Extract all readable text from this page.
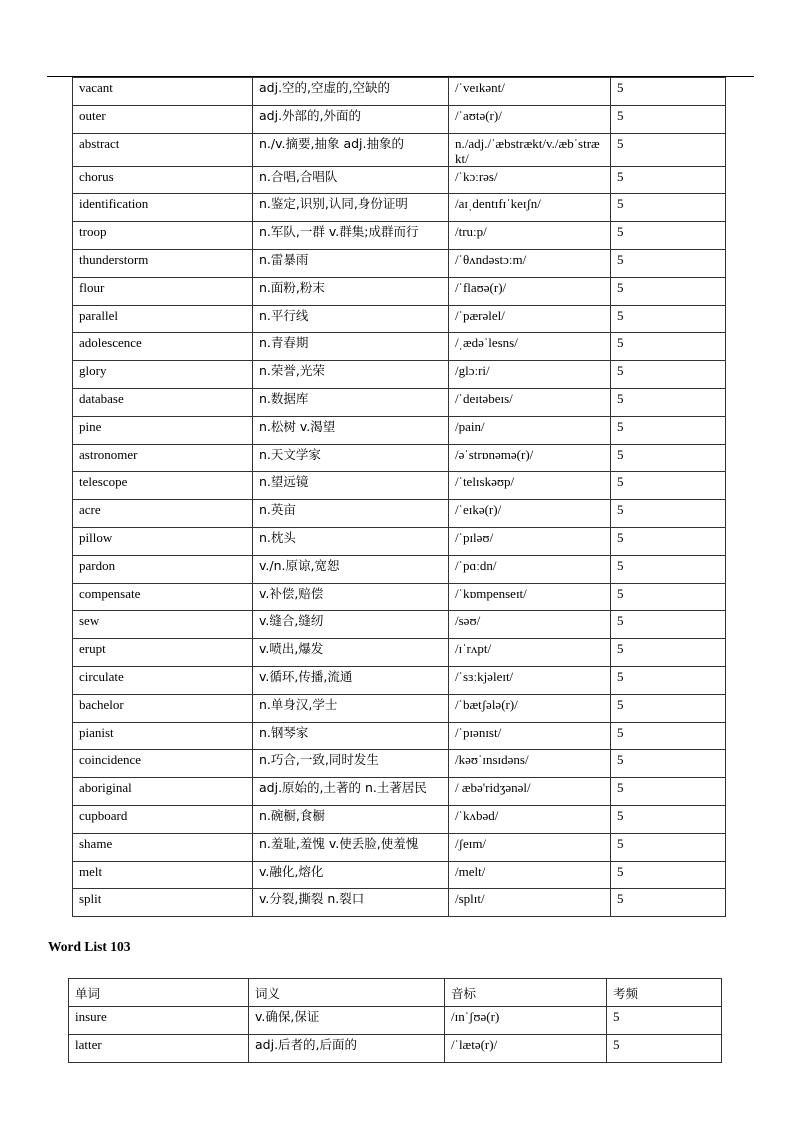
vacant	adj.空的,空虚的,空缺的	/ˈveɪkənt/	5
outer	adj.外部的,外面的	/ˈaʊtə(r)/	5
abstract	n./v.摘要,抽象 adj.抽象的	n./adj./ˈæbstrækt/v./æbˈstrækt/	5
chorus	n.合唱,合唱队	/ˈkɔːrəs/	5
identification	n.鉴定,识别,认同,身份证明	/aɪˌdentɪfɪˈkeɪʃn/	5
troop	n.军队,一群 v.群集;成群而行	/truːp/	5
thunderstorm	n.雷暴雨	/ˈθʌndəstɔːm/	5
flour	n.面粉,粉末	/ˈflaʊə(r)/	5
parallel	n.平行线	/ˈpærəlel/	5
adolescence	n.青春期	/ˌædəˈlesns/	5
glory	n.荣誉,光荣	/glɔːri/	5
database	n.数据库	/ˈdeɪtəbeɪs/	5
pine	n.松树 v.渴望	/pain/	5
astronomer	n.天文学家	/əˈstrɒnəmə(r)/	5
telescope	n.望远镜	/ˈtelɪskəʊp/	5
acre	n.英亩	/ˈeɪkə(r)/	5
pillow	n.枕头	/ˈpɪləʊ/	5
pardon	v./n.原谅,宽恕	/ˈpɑːdn/	5
compensate	v.补偿,赔偿	/ˈkɒmpenseɪt/	5
sew	v.缝合,缝纫	/səʊ/	5
erupt	v.喷出,爆发	/ɪˈrʌpt/	5
circulate	v.循环,传播,流通	/ˈsɜːkjəleɪt/	5
bachelor	n.单身汉,学士	/ˈbætʃələ(r)/	5
pianist	n.钢琴家	/ˈpɪənɪst/	5
coincidence	n.巧合,一致,同时发生	/kəʊˈɪnsɪdəns/	5
aboriginal	adj.原始的,土著的 n.土著居民	/ æbə'ridʒənəl/	5
cupboard	n.碗橱,食橱	/ˈkʌbəd/	5
shame	n.羞耻,羞愧 v.使丢脸,使羞愧	/ʃeɪm/	5
melt	v.融化,熔化	/melt/	5
split	v.分裂,撕裂 n.裂口	/splɪt/	5
Word List 103
单词	词义	音标	考频
insure	v.确保,保证	/ɪnˈʃʊə(r)	5
latter	adj.后者的,后面的	/ˈlætə(r)/	5
